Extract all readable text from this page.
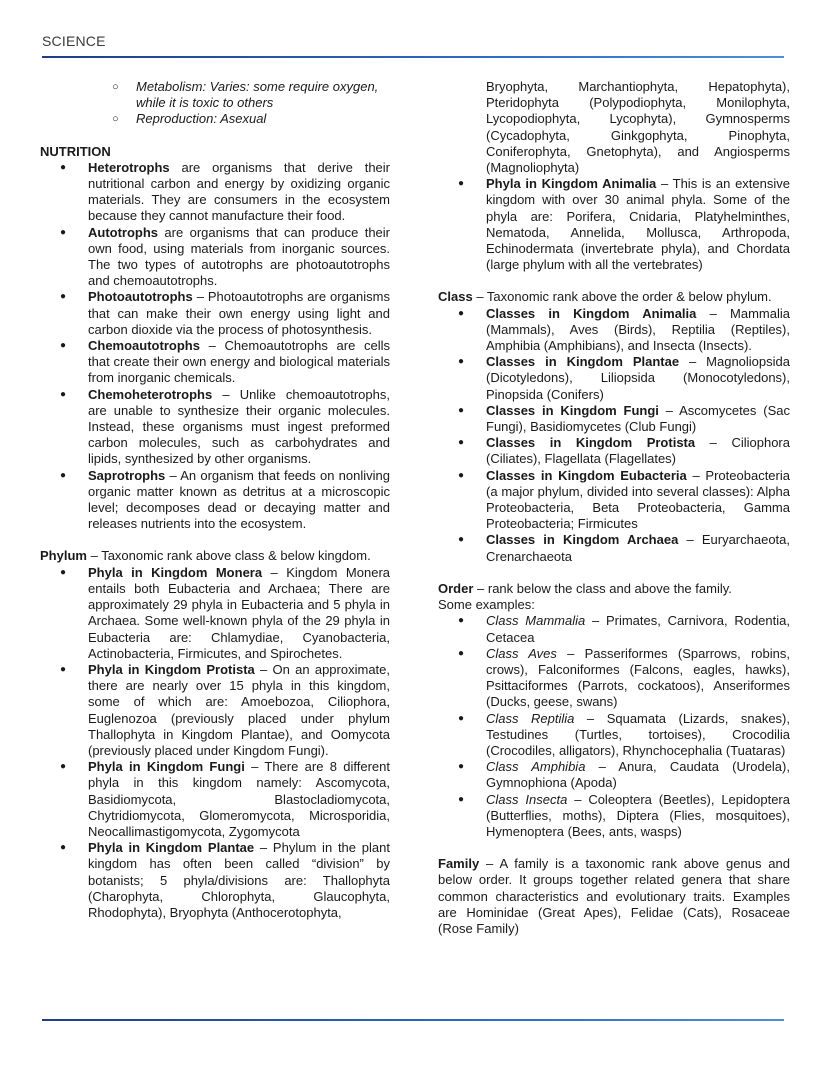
SCIENCE
○ Metabolism: Varies: some require oxygen, while it is toxic to others
○ Reproduction: Asexual

NUTRITION

● Heterotrophs are organisms that derive their nutritional carbon and energy by oxidizing organic materials. They are consumers in the ecosystem because they cannot manufacture their food.
● Autotrophs are organisms that can produce their own food, using materials from inorganic sources. The two types of autotrophs are photoautotrophs and chemoautotrophs.
● Photoautotrophs – Photoautotrophs are organisms that can make their own energy using light and carbon dioxide via the process of photosynthesis.
● Chemoautotrophs – Chemoautotrophs are cells that create their own energy and biological materials from inorganic chemicals.
● Chemoheterotrophs – Unlike chemoautotrophs, are unable to synthesize their organic molecules. Instead, these organisms must ingest preformed carbon molecules, such as carbohydrates and lipids, synthesized by other organisms.
● Saprotrophs – An organism that feeds on nonliving organic matter known as detritus at a microscopic level; decomposes dead or decaying matter and releases nutrients into the ecosystem.

Phylum – Taxonomic rank above class & below kingdom.

● Phyla in Kingdom Monera – Kingdom Monera entails both Eubacteria and Archaea; There are approximately 29 phyla in Eubacteria and 5 phyla in Archaea. Some well-known phyla of the 29 phyla in Eubacteria are: Chlamydiae, Cyanobacteria, Actinobacteria, Firmicutes, and Spirochetes.
● Phyla in Kingdom Protista – On an approximate, there are nearly over 15 phyla in this kingdom, some of which are: Amoebozoa, Ciliophora, Euglenozoa (previously placed under phylum Thallophyta in Kingdom Plantae), and Oomycota (previously placed under Kingdom Fungi).
● Phyla in Kingdom Fungi – There are 8 different phyla in this kingdom namely: Ascomycota, Basidiomycota, Blastocladiomycota, Chytridiomycota, Glomeromycota, Microsporidia, Neocallimastigomycota, Zygomycota
● Phyla in Kingdom Plantae – Phylum in the plant kingdom has often been called “division” by botanists; 5 phyla/divisions are: Thallophyta (Charophyta, Chlorophyta, Glaucophyta, Rhodophyta), Bryophyta (Anthocerotophyta,
Bryophyta, Marchantiophyta, Hepatophyta), Pteridophyta (Polypodiophyta, Monilophyta, Lycopodiophyta, Lycophyta), Gymnosperms (Cycadophyta, Ginkgophyta, Pinophyta, Coniferophyta, Gnetophyta), and Angiosperms (Magnoliophyta)
● Phyla in Kingdom Animalia – This is an extensive kingdom with over 30 animal phyla. Some of the phyla are: Porifera, Cnidaria, Platyhelminthes, Nematoda, Annelida, Mollusca, Arthropoda, Echinodermata (invertebrate phyla), and Chordata (large phylum with all the vertebrates)

Class – Taxonomic rank above the order & below phylum.

● Classes in Kingdom Animalia – Mammalia (Mammals), Aves (Birds), Reptilia (Reptiles), Amphibia (Amphibians), and Insecta (Insects).
● Classes in Kingdom Plantae – Magnoliopsida (Dicotyledons), Liliopsida (Monocotyledons), Pinopsida (Conifers)
● Classes in Kingdom Fungi – Ascomycetes (Sac Fungi), Basidiomycetes (Club Fungi)
● Classes in Kingdom Protista – Ciliophora (Ciliates), Flagellata (Flagellates)
● Classes in Kingdom Eubacteria – Proteobacteria (a major phylum, divided into several classes): Alpha Proteobacteria, Beta Proteobacteria, Gamma Proteobacteria; Firmicutes
● Classes in Kingdom Archaea – Euryarchaeota, Crenarchaeota

Order – rank below the class and above the family.

Some examples:

● Class Mammalia – Primates, Carnivora, Rodentia, Cetacea
● Class Aves – Passeriformes (Sparrows, robins, crows), Falconiformes (Falcons, eagles, hawks), Psittaciformes (Parrots, cockatoos), Anseriformes (Ducks, geese, swans)
● Class Reptilia – Squamata (Lizards, snakes), Testudines (Turtles, tortoises), Crocodilia (Crocodiles, alligators), Rhynchocephalia (Tuataras)
● Class Amphibia – Anura, Caudata (Urodela), Gymnophiona (Apoda)
● Class Insecta – Coleoptera (Beetles), Lepidoptera (Butterflies, moths), Diptera (Flies, mosquitoes), Hymenoptera (Bees, ants, wasps)

Family – A family is a taxonomic rank above genus and below order. It groups together related genera that share common characteristics and evolutionary traits. Examples are Hominidae (Great Apes), Felidae (Cats), Rosaceae (Rose Family)
